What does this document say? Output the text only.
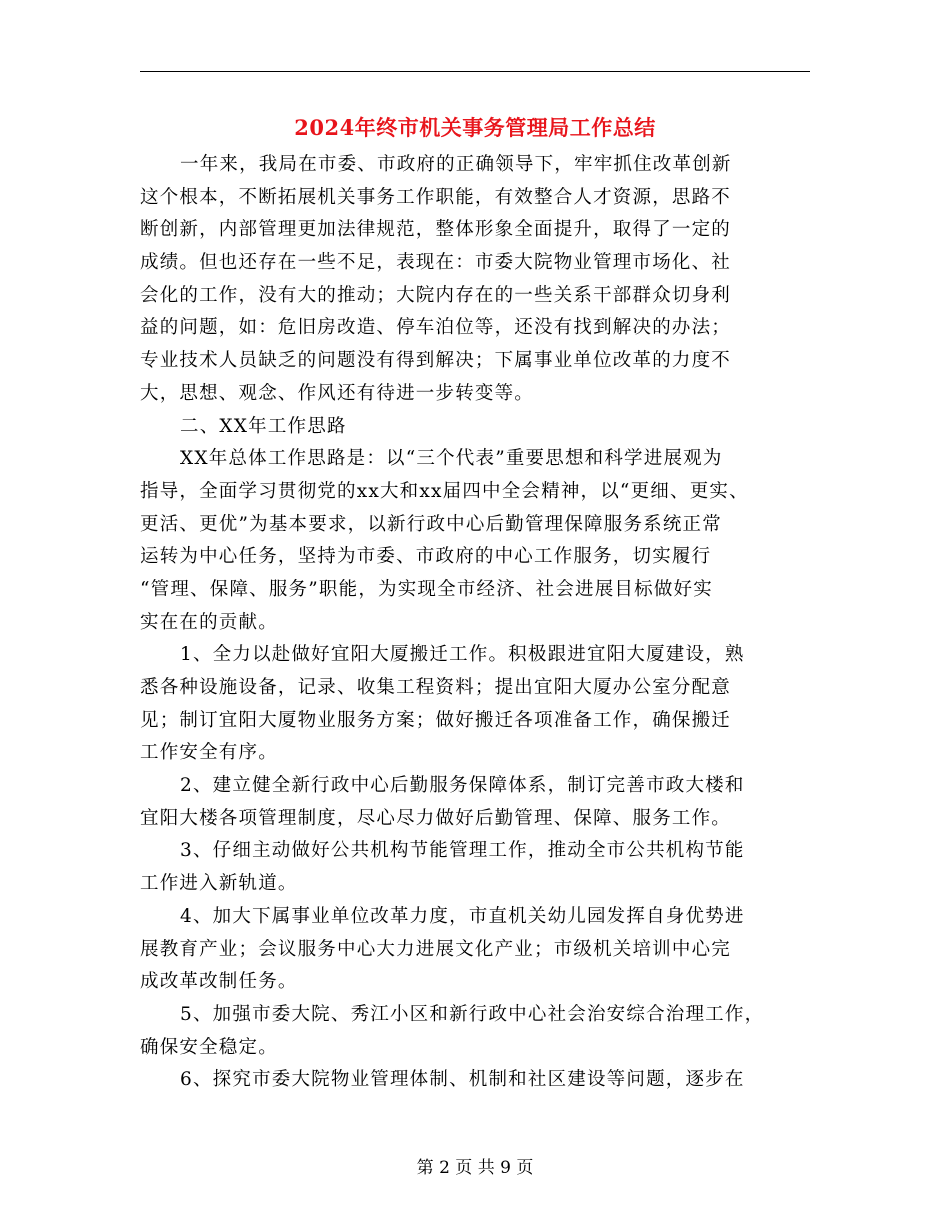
2024年终市机关事务管理局工作总结
一年来，我局在市委、市政府的正确领导下，牢牢抓住改革创新
这个根本，不断拓展机关事务工作职能，有效整合人才资源，思路不
断创新，内部管理更加法律规范，整体形象全面提升，取得了一定的
成绩。但也还存在一些不足，表现在：市委大院物业管理市场化、社
会化的工作，没有大的推动；大院内存在的一些关系干部群众切身利
益的问题，如：危旧房改造、停车泊位等，还没有找到解决的办法；
专业技术人员缺乏的问题没有得到解决；下属事业单位改革的力度不
大，思想、观念、作风还有待进一步转变等。
二、XX年工作思路
XX年总体工作思路是：以“三个代表”重要思想和科学进展观为
指导，全面学习贯彻党的xx大和xx届四中全会精神，以“更细、更实、
更活、更优”为基本要求，以新行政中心后勤管理保障服务系统正常
运转为中心任务，坚持为市委、市政府的中心工作服务，切实履行
“管理、保障、服务”职能，为实现全市经济、社会进展目标做好实
实在在的贡献。
1、全力以赴做好宜阳大厦搬迁工作。积极跟进宜阳大厦建设，熟
悉各种设施设备，记录、收集工程资料；提出宜阳大厦办公室分配意
见；制订宜阳大厦物业服务方案；做好搬迁各项准备工作，确保搬迁
工作安全有序。
2、建立健全新行政中心后勤服务保障体系，制订完善市政大楼和
宜阳大楼各项管理制度，尽心尽力做好后勤管理、保障、服务工作。
3、仔细主动做好公共机构节能管理工作，推动全市公共机构节能
工作进入新轨道。
4、加大下属事业单位改革力度，市直机关幼儿园发挥自身优势进
展教育产业；会议服务中心大力进展文化产业；市级机关培训中心完
成改革改制任务。
5、加强市委大院、秀江小区和新行政中心社会治安综合治理工作，
确保安全稳定。
6、探究市委大院物业管理体制、机制和社区建设等问题，逐步在
第 2 页 共 9 页
